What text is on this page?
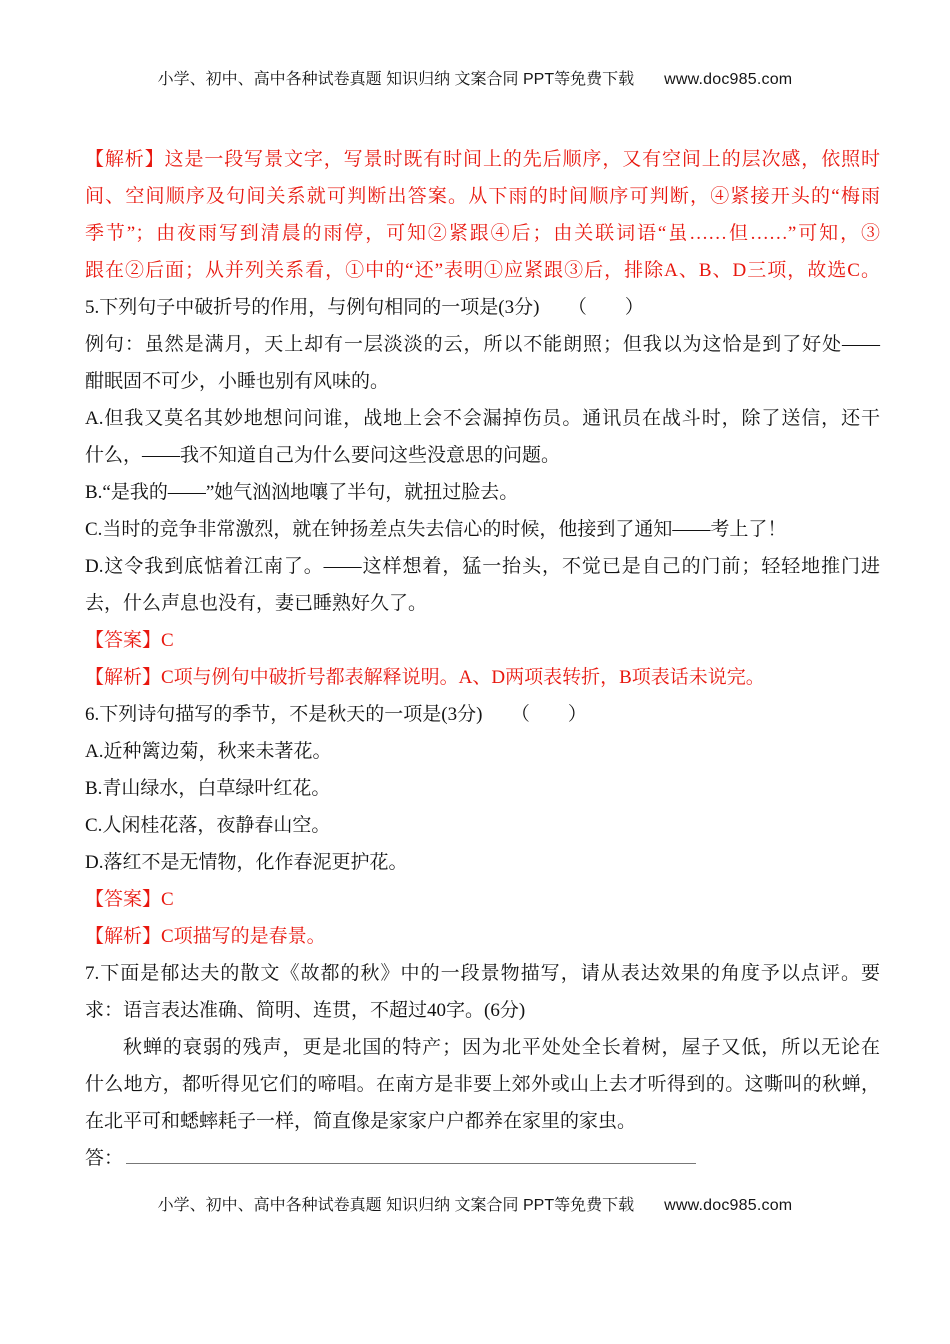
小学、初中、高中各种试卷真题 知识归纳 文案合同 PPT等免费下载 www.doc985.com
【解析】这是一段写景文字，写景时既有时间上的先后顺序，又有空间上的层次感，依照时
间、空间顺序及句间关系就可判断出答案。从下雨的时间顺序可判断，④紧接开头的“梅雨
季节”；由夜雨写到清晨的雨停，可知②紧跟④后；由关联词语“虽……但……”可知，③
跟在②后面；从并列关系看，①中的“还”表明①应紧跟③后，排除A、B、D三项，故选C。
5.下列句子中破折号的作用，与例句相同的一项是(3分)　　（　　）
例句：虽然是满月，天上却有一层淡淡的云，所以不能朗照；但我以为这恰是到了好处——
酣眠固不可少，小睡也别有风味的。
A.但我又莫名其妙地想问问谁，战地上会不会漏掉伤员。通讯员在战斗时，除了送信，还干
什么，——我不知道自己为什么要问这些没意思的问题。
B.“是我的——”她气汹汹地嚷了半句，就扭过脸去。
C.当时的竞争非常激烈，就在钟扬差点失去信心的时候，他接到了通知——考上了！
D.这令我到底惦着江南了。——这样想着，猛一抬头，不觉已是自己的门前；轻轻地推门进
去，什么声息也没有，妻已睡熟好久了。
【答案】C
【解析】C项与例句中破折号都表解释说明。A、D两项表转折，B项表话未说完。
6.下列诗句描写的季节，不是秋天的一项是(3分)　　（　　）
A.近种篱边菊，秋来未著花。
B.青山绿水，白草绿叶红花。
C.人闲桂花落，夜静春山空。
D.落红不是无情物，化作春泥更护花。
【答案】C
【解析】C项描写的是春景。
7.下面是郁达夫的散文《故都的秋》中的一段景物描写，请从表达效果的角度予以点评。要
求：语言表达准确、简明、连贯，不超过40字。(6分)
秋蝉的衰弱的残声，更是北国的特产；因为北平处处全长着树，屋子又低，所以无论在
什么地方，都听得见它们的啼唱。在南方是非要上郊外或山上去才听得到的。这嘶叫的秋蝉，
在北平可和蟋蟀耗子一样，简直像是家家户户都养在家里的家虫。
答：
小学、初中、高中各种试卷真题 知识归纳 文案合同 PPT等免费下载 www.doc985.com
